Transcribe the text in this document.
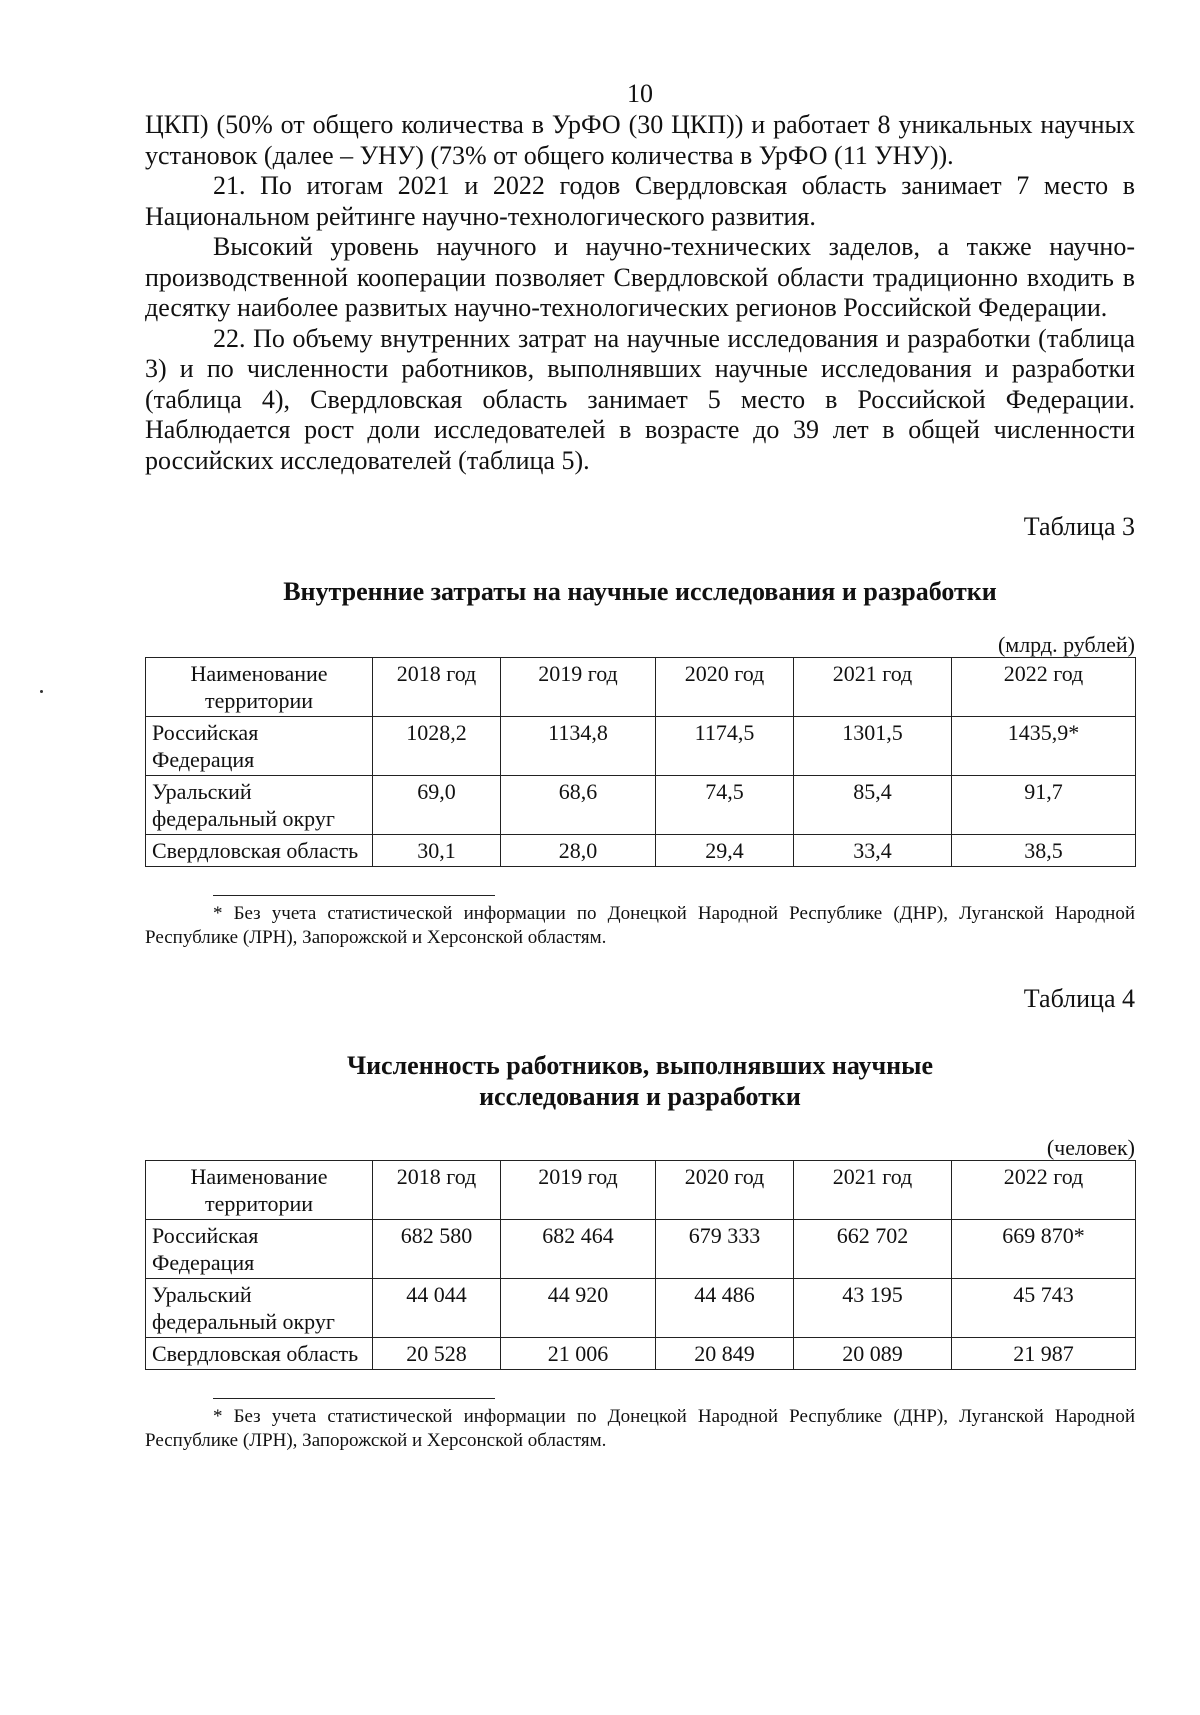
10

ЦКП) (50% от общего количества в УрФО (30 ЦКП)) и работает 8 уникальных научных установок (далее – УНУ) (73% от общего количества в УрФО (11 УНУ)).

21. По итогам 2021 и 2022 годов Свердловская область занимает 7 место в Национальном рейтинге научно-технологического развития.

Высокий уровень научного и научно-технических заделов, а также научно-производственной кооперации позволяет Свердловской области традиционно входить в десятку наиболее развитых научно-технологических регионов Российской Федерации.

22. По объему внутренних затрат на научные исследования и разработки (таблица 3) и по численности работников, выполнявших научные исследования и разработки (таблица 4), Свердловская область занимает 5 место в Российской Федерации. Наблюдается рост доли исследователей в возрасте до 39 лет в общей численности российских исследователей (таблица 5).

Таблица 3
Внутренние затраты на научные исследования и разработки
(млрд. рублей)
Наименование территории	2018 год	2019 год	2020 год	2021 год	2022 год
Российская Федерация	1028,2	1134,8	1174,5	1301,5	1435,9*
Уральский федеральный округ	69,0	68,6	74,5	85,4	91,7
Свердловская область	30,1	28,0	29,4	33,4	38,5

* Без учета статистической информации по Донецкой Народной Республике (ДНР), Луганской Народной Республике (ЛРН), Запорожской и Херсонской областям.

Таблица 4
Численность работников, выполнявших научные
исследования и разработки
(человек)
Наименование территории	2018 год	2019 год	2020 год	2021 год	2022 год
Российская Федерация	682 580	682 464	679 333	662 702	669 870*
Уральский федеральный округ	44 044	44 920	44 486	43 195	45 743
Свердловская область	20 528	21 006	20 849	20 089	21 987

* Без учета статистической информации по Донецкой Народной Республике (ДНР), Луганской Народной Республике (ЛРН), Запорожской и Херсонской областям.
